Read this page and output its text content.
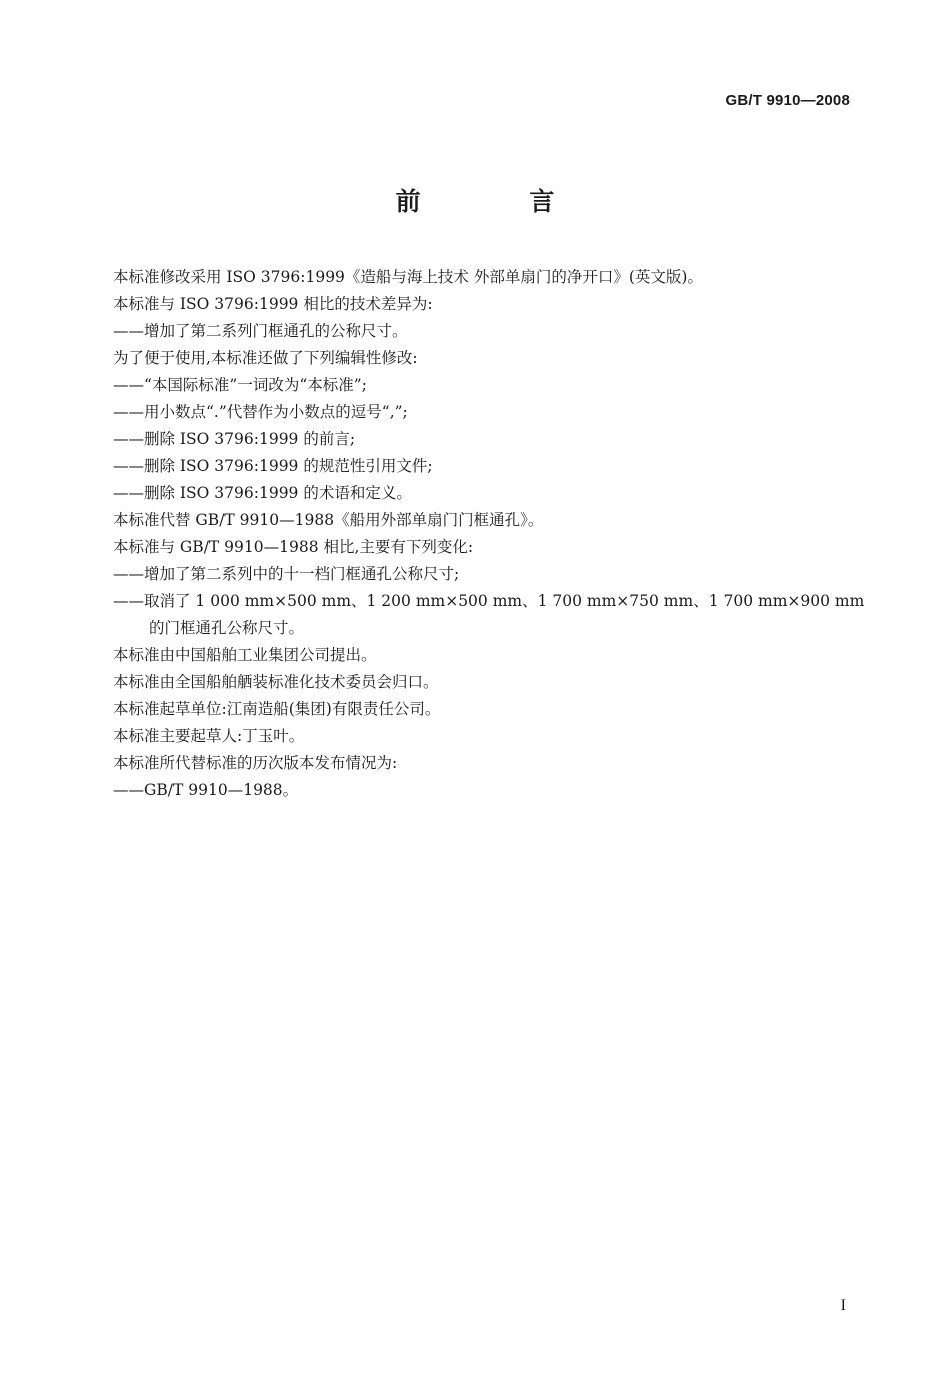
GB/T 9910—2008
前 言
本标准修改采用 ISO 3796:1999《造船与海上技术 外部单扇门的净开口》(英文版)。
本标准与 ISO 3796:1999 相比的技术差异为:
——增加了第二系列门框通孔的公称尺寸。
为了便于使用,本标准还做了下列编辑性修改:
——“本国际标准”一词改为“本标准”;
——用小数点“.”代替作为小数点的逗号“,”;
——删除 ISO 3796:1999 的前言;
——删除 ISO 3796:1999 的规范性引用文件;
——删除 ISO 3796:1999 的术语和定义。
本标准代替 GB/T 9910—1988《船用外部单扇门门框通孔》。
本标准与 GB/T 9910—1988 相比,主要有下列变化:
——增加了第二系列中的十一档门框通孔公称尺寸;
——取消了 1 000 mm×500 mm、1 200 mm×500 mm、1 700 mm×750 mm、1 700 mm×900 mm
的门框通孔公称尺寸。
本标准由中国船舶工业集团公司提出。
本标准由全国船舶舾装标准化技术委员会归口。
本标准起草单位:江南造船(集团)有限责任公司。
本标准主要起草人:丁玉叶。
本标准所代替标准的历次版本发布情况为:
——GB/T 9910—1988。
I
